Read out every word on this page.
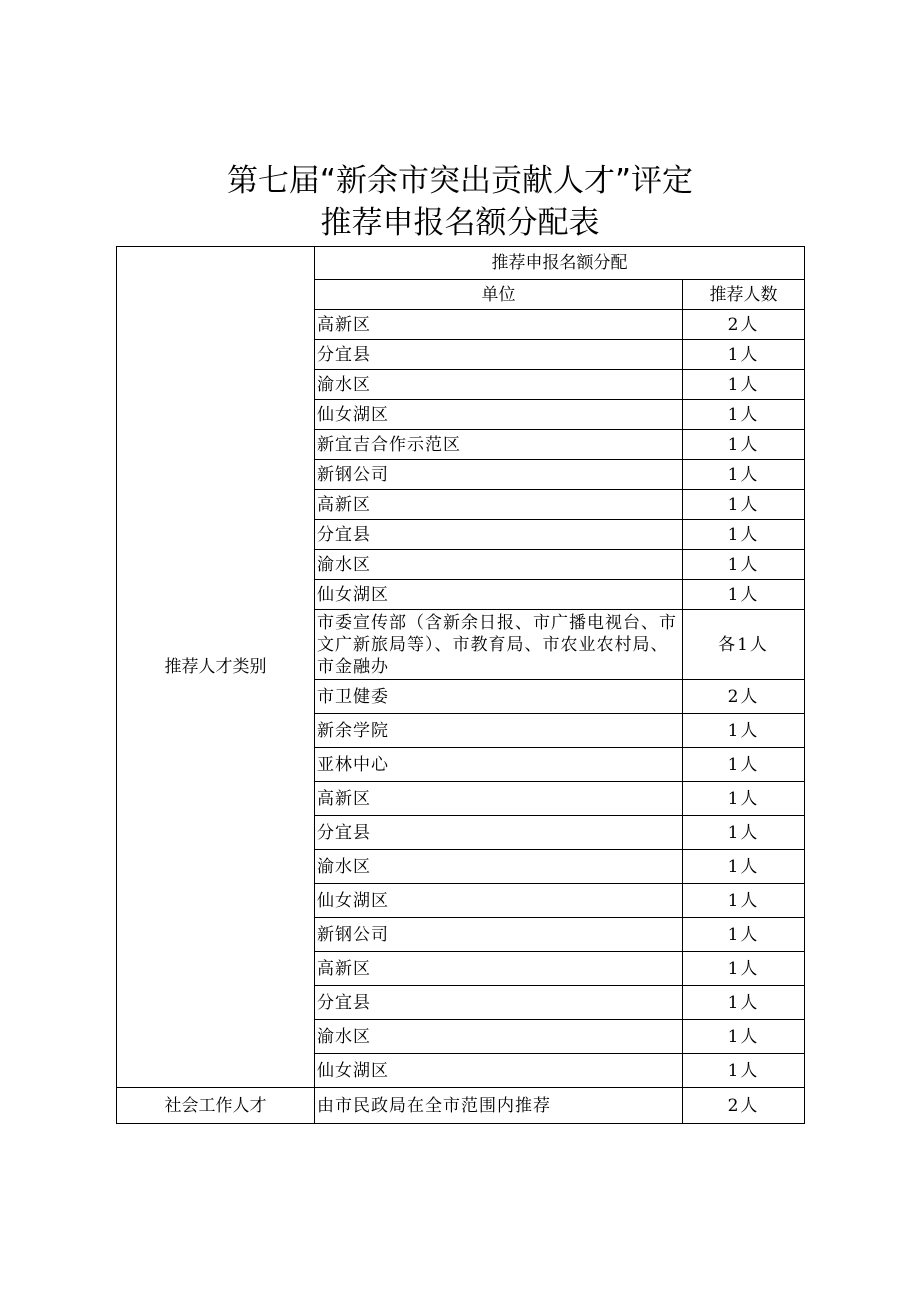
第七届“新余市突出贡献人才”评定
推荐申报名额分配表
推荐人才类别	推荐申报名额分配	
	单位	推荐人数
	高新区	2人
	分宜县	1人
	渝水区	1人
	仙女湖区	1人
	新宜吉合作示范区	1人
	新钢公司	1人
	高新区	1人
	分宜县	1人
	渝水区	1人
	仙女湖区	1人
	市委宣传部（含新余日报、市广播电视台、市文广新旅局等）、市教育局、市农业农村局、市金融办	各1人
	市卫健委	2人
	新余学院	1人
	亚林中心	1人
	高新区	1人
	分宜县	1人
	渝水区	1人
	仙女湖区	1人
	新钢公司	1人
	高新区	1人
	分宜县	1人
	渝水区	1人
	仙女湖区	1人
社会工作人才	由市民政局在全市范围内推荐	2人
